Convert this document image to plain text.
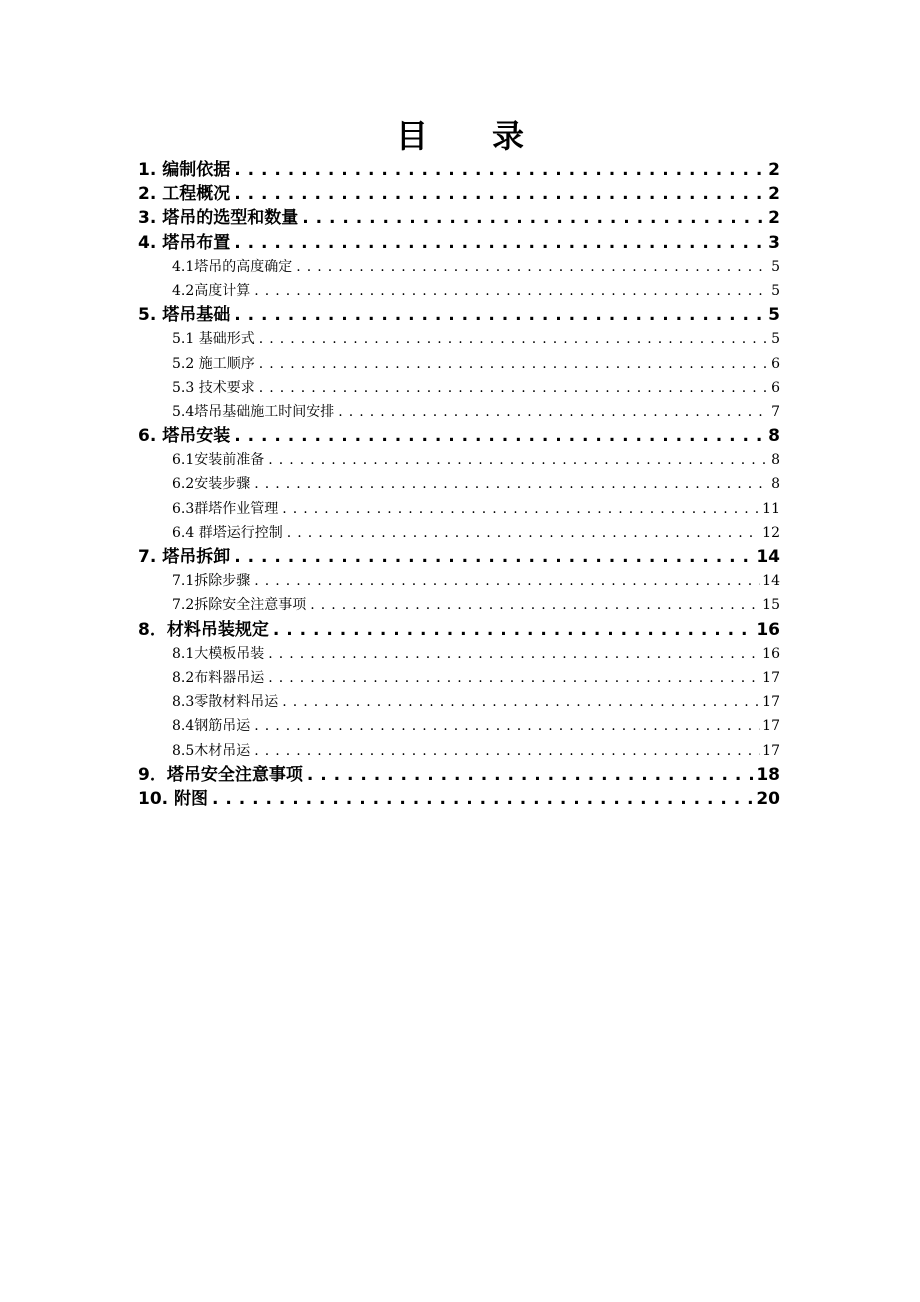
目　　录
1. 编制依据 . . .	2
2. 工程概况 . . .	2
3. 塔吊的选型和数量 . . .	2
4. 塔吊布置 . . .	3
4.1塔吊的高度确定 . . .	5
4.2高度计算 . . .	5
5. 塔吊基础 . . .	5
5.1 基础形式 . . .	5
5.2 施工顺序 . . .	6
5.3 技术要求 . . .	6
5.4塔吊基础施工时间安排 . . .	7
6. 塔吊安装 . . .	8
6.1安装前准备 . . .	8
6.2安装步骤 . . .	8
6.3群塔作业管理 . . .	11
6.4 群塔运行控制 . . .	12
7. 塔吊拆卸 . . .	14
7.1拆除步骤 . . .	14
7.2拆除安全注意事项 . . .	15
8．材料吊装规定 . . .	16
8.1大模板吊装 . . .	16
8.2布料器吊运 . . .	17
8.3零散材料吊运 . . .	17
8.4钢筋吊运 . . .	17
8.5木材吊运 . . .	17
9．塔吊安全注意事项 . . .	18
10. 附图 . . .	20
